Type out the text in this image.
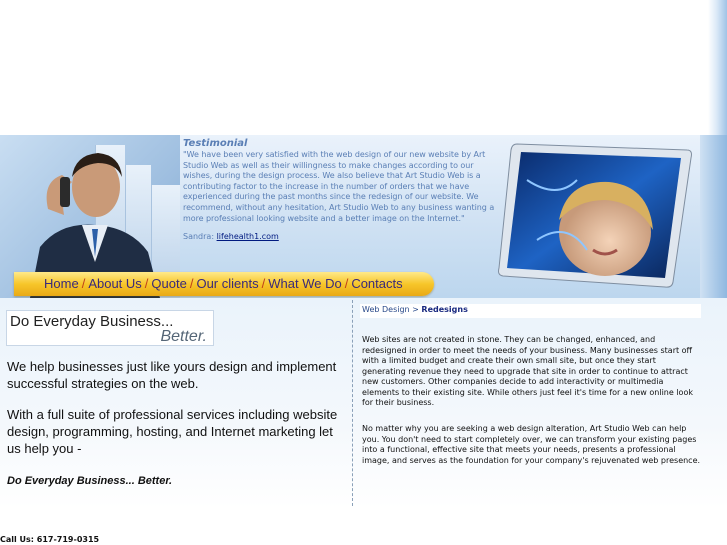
Testimonial
"We have been very satisfied with the web design of our new website by Art Studio Web as well as their willingness to make changes according to our wishes, during the design process. We also believe that Art Studio Web is a contributing factor to the increase in the number of orders that we have experienced during the past months since the redesign of our website. We recommend, without any hesitation, Art Studio Web to any business wanting a more professional looking website and a better image on the Internet."
Sandra: lifehealth1.com
Home / About Us / Quote / Our clients / What We Do / Contacts
Do Everyday Business...
Better.
We help businesses just like yours design and implement successful strategies on the web.
With a full suite of professional services including website design, programming, hosting, and Internet marketing let us help you -
Do Everyday Business... Better.
Web Design > Redesigns
Web sites are not created in stone. They can be changed, enhanced, and redesigned in order to meet the needs of your business. Many businesses start off with a limited budget and create their own small site, but once they start generating revenue they need to upgrade that site in order to continue to attract new customers. Other companies decide to add interactivity or multimedia elements to their existing site. While others just feel it's time for a new online look for their business.
No matter why you are seeking a web design alteration, Art Studio Web can help you. You don't need to start completely over, we can transform your existing pages into a functional, effective site that meets your needs, presents a professional image, and serves as the foundation for your company's rejuvenated web presence.
Call Us: 617-719-0315
